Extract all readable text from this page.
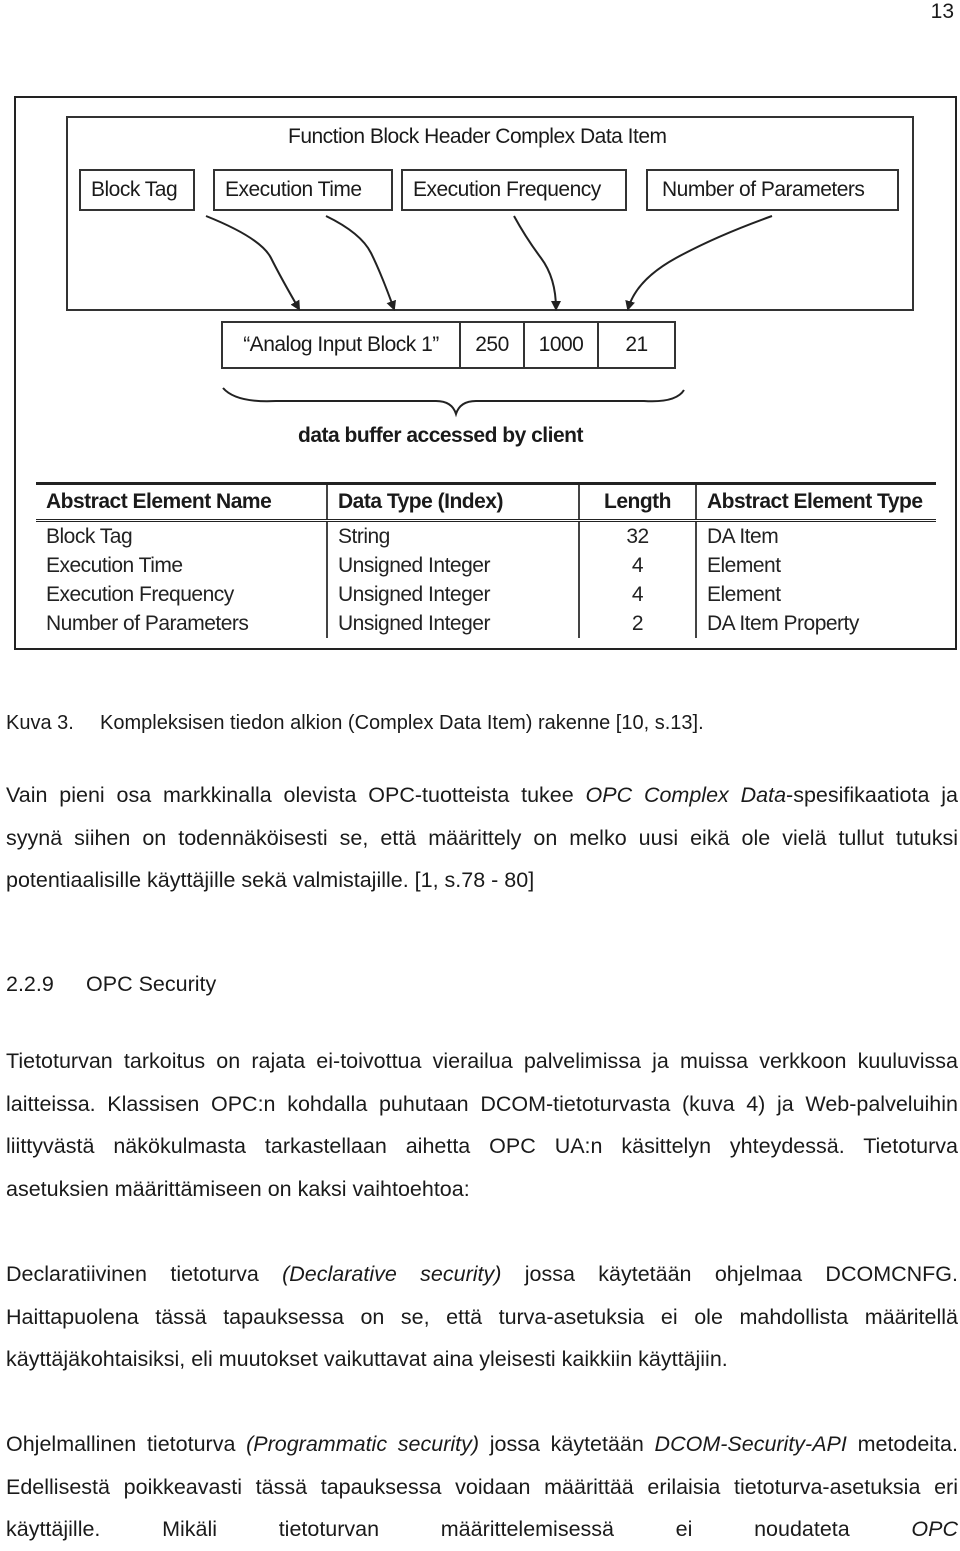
13
Function Block Header Complex Data Item
Block Tag	Execution Time	Execution Frequency	Number of Parameters
“Analog Input Block 1”	250	1000	21
data buffer accessed by client
Abstract Element Name	Data Type (Index)	Length	Abstract Element Type
Block Tag	String	32	DA Item
Execution Time	Unsigned Integer	4	Element
Execution Frequency	Unsigned Integer	4	Element
Number of Parameters	Unsigned Integer	2	DA Item Property
Kuva 3. Kompleksisen tiedon alkion (Complex Data Item) rakenne [10, s.13].
Vain pieni osa markkinalla olevista OPC-tuotteista tukee OPC Complex Data-spesifikaatiota ja syynä siihen on todennäköisesti se, että määrittely on melko uusi eikä ole vielä tullut tutuksi potentiaalisille käyttäjille sekä valmistajille. [1, s.78 - 80]
2.2.9 OPC Security
Tietoturvan tarkoitus on rajata ei-toivottua vierailua palvelimissa ja muissa verkkoon kuuluvissa laitteissa. Klassisen OPC:n kohdalla puhutaan DCOM-tietoturvasta (kuva 4) ja Web-palveluihin liittyvästä näkökulmasta tarkastellaan aihetta OPC UA:n käsittelyn yhteydessä. Tietoturva asetuksien määrittämiseen on kaksi vaihtoehtoa:
Declaratiivinen tietoturva (Declarative security) jossa käytetään ohjelmaa DCOMCNFG. Haittapuolena tässä tapauksessa on se, että turva-asetuksia ei ole mahdollista määritellä käyttäjäkohtaisiksi, eli muutokset vaikuttavat aina yleisesti kaikkiin käyttäjiin.
Ohjelmallinen tietoturva (Programmatic security) jossa käytetään DCOM-Security-API metodeita. Edellisestä poikkeavasti tässä tapauksessa voidaan määrittää erilaisia tietoturva-asetuksia eri käyttäjille. Mikäli tietoturvan määrittelemisessä ei noudateta OPC
